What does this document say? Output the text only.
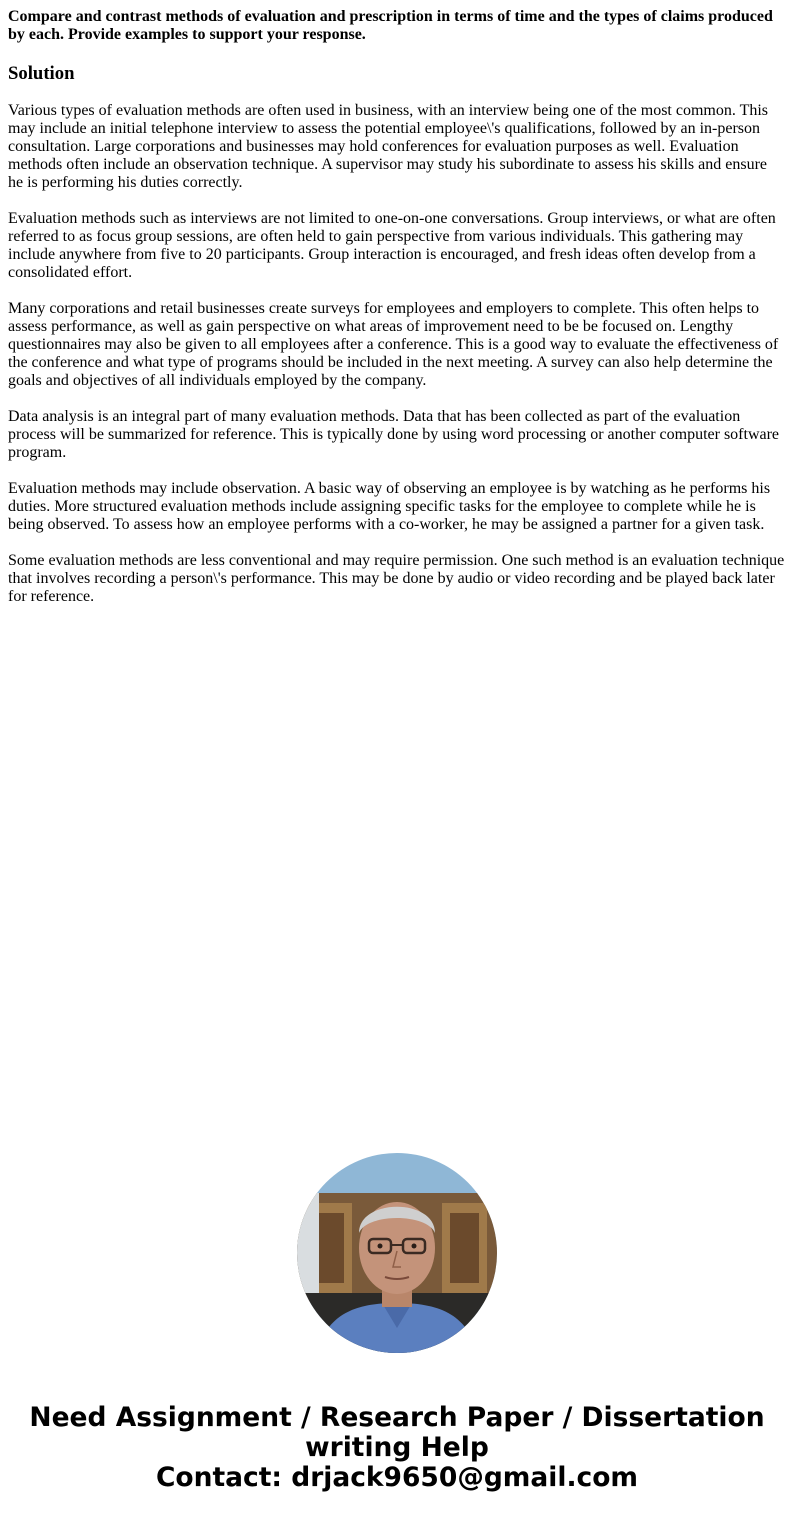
Compare and contrast methods of evaluation and prescription in terms of time and the types of claims produced by each. Provide examples to support your response.

Solution

Various types of evaluation methods are often used in business, with an interview being one of the most common. This may include an initial telephone interview to assess the potential employee\'s qualifications, followed by an in-person consultation. Large corporations and businesses may hold conferences for evaluation purposes as well. Evaluation methods often include an observation technique. A supervisor may study his subordinate to assess his skills and ensure he is performing his duties correctly.

Evaluation methods such as interviews are not limited to one-on-one conversations. Group interviews, or what are often referred to as focus group sessions, are often held to gain perspective from various individuals. This gathering may include anywhere from five to 20 participants. Group interaction is encouraged, and fresh ideas often develop from a consolidated effort.

Many corporations and retail businesses create surveys for employees and employers to complete. This often helps to assess performance, as well as gain perspective on what areas of improvement need to be be focused on. Lengthy questionnaires may also be given to all employees after a conference. This is a good way to evaluate the effectiveness of the conference and what type of programs should be included in the next meeting. A survey can also help determine the goals and objectives of all individuals employed by the company.

Data analysis is an integral part of many evaluation methods. Data that has been collected as part of the evaluation process will be summarized for reference. This is typically done by using word processing or another computer software program.

Evaluation methods may include observation. A basic way of observing an employee is by watching as he performs his duties. More structured evaluation methods include assigning specific tasks for the employee to complete while he is being observed. To assess how an employee performs with a co-worker, he may be assigned a partner for a given task.

Some evaluation methods are less conventional and may require permission. One such method is an evaluation technique that involves recording a person\'s performance. This may be done by audio or video recording and be played back later for reference.

Need Assignment / Research Paper / Dissertation
writing Help
Contact: drjack9650@gmail.com
